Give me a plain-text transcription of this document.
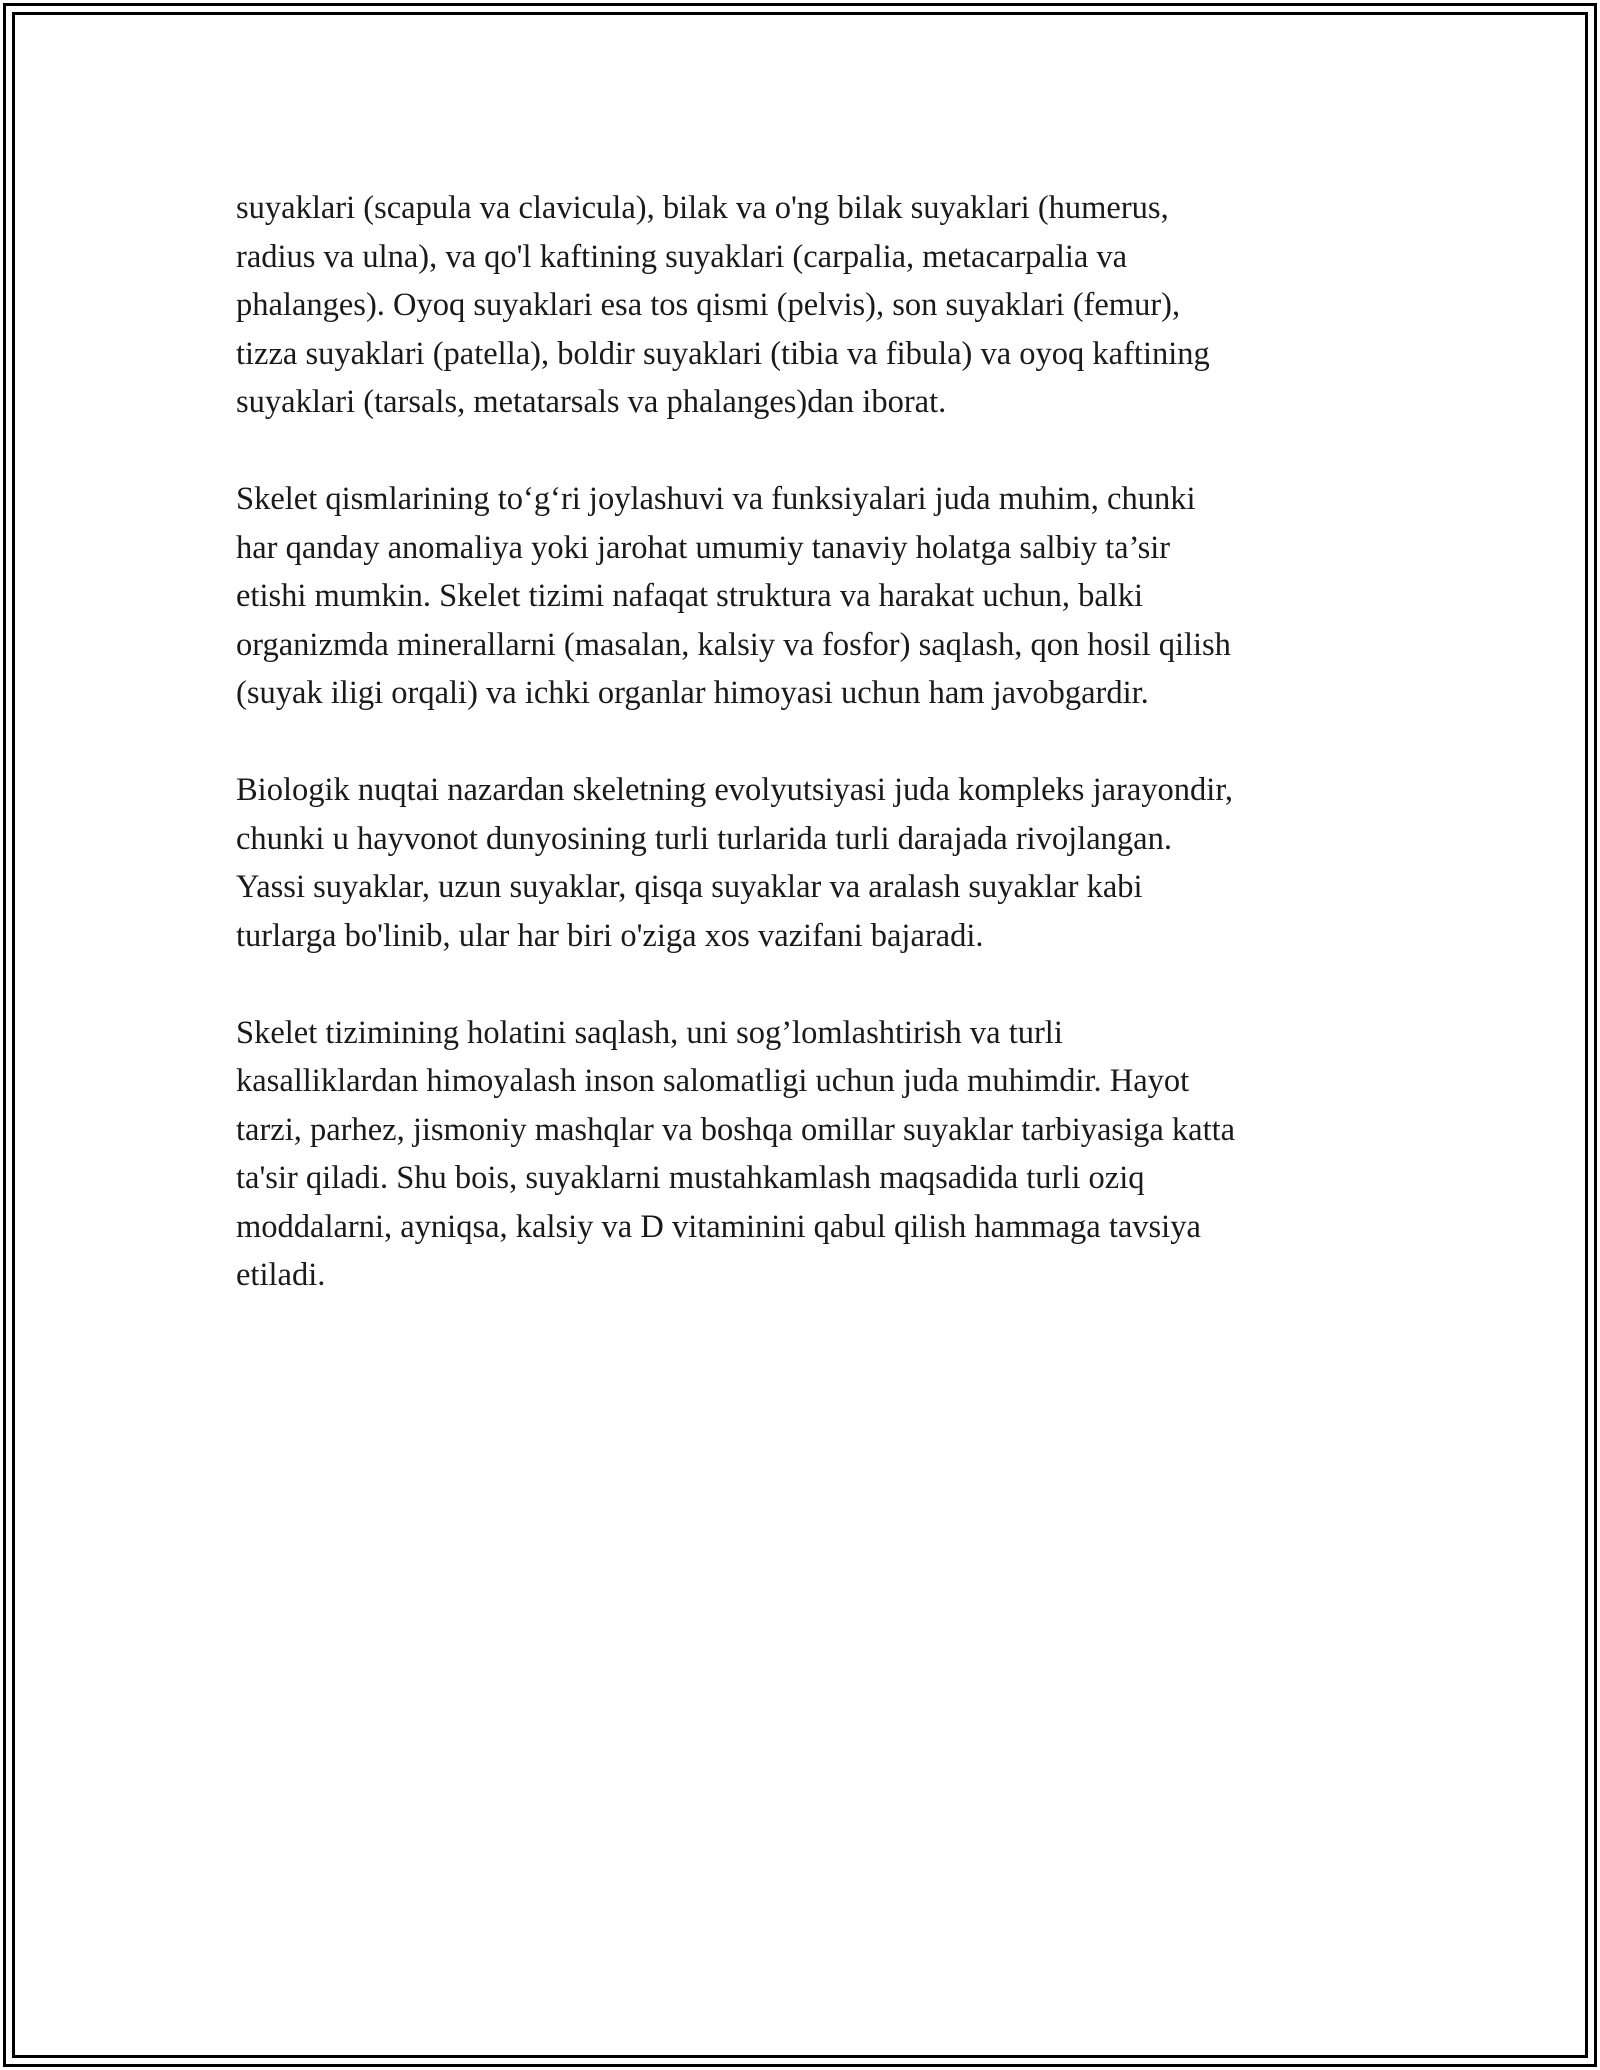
suyaklari (scapula va clavicula), bilak va o'ng bilak suyaklari (humerus,
radius va ulna), va qo'l kaftining suyaklari (carpalia, metacarpalia va
phalanges). Oyoq suyaklari esa tos qismi (pelvis), son suyaklari (femur),
tizza suyaklari (patella), boldir suyaklari (tibia va fibula) va oyoq kaftining
suyaklari (tarsals, metatarsals va phalanges)dan iborat.

Skelet qismlarining to‘g‘ri joylashuvi va funksiyalari juda muhim, chunki
har qanday anomaliya yoki jarohat umumiy tanaviy holatga salbiy ta’sir
etishi mumkin. Skelet tizimi nafaqat struktura va harakat uchun, balki
organizmda minerallarni (masalan, kalsiy va fosfor) saqlash, qon hosil qilish
(suyak iligi orqali) va ichki organlar himoyasi uchun ham javobgardir.

Biologik nuqtai nazardan skeletning evolyutsiyasi juda kompleks jarayondir,
chunki u hayvonot dunyosining turli turlarida turli darajada rivojlangan.
Yassi suyaklar, uzun suyaklar, qisqa suyaklar va aralash suyaklar kabi
turlarga bo'linib, ular har biri o'ziga xos vazifani bajaradi.

Skelet tizimining holatini saqlash, uni sog’lomlashtirish va turli
kasalliklardan himoyalash inson salomatligi uchun juda muhimdir. Hayot
tarzi, parhez, jismoniy mashqlar va boshqa omillar suyaklar tarbiyasiga katta
ta'sir qiladi. Shu bois, suyaklarni mustahkamlash maqsadida turli oziq
moddalarni, ayniqsa, kalsiy va D vitaminini qabul qilish hammaga tavsiya
etiladi.
